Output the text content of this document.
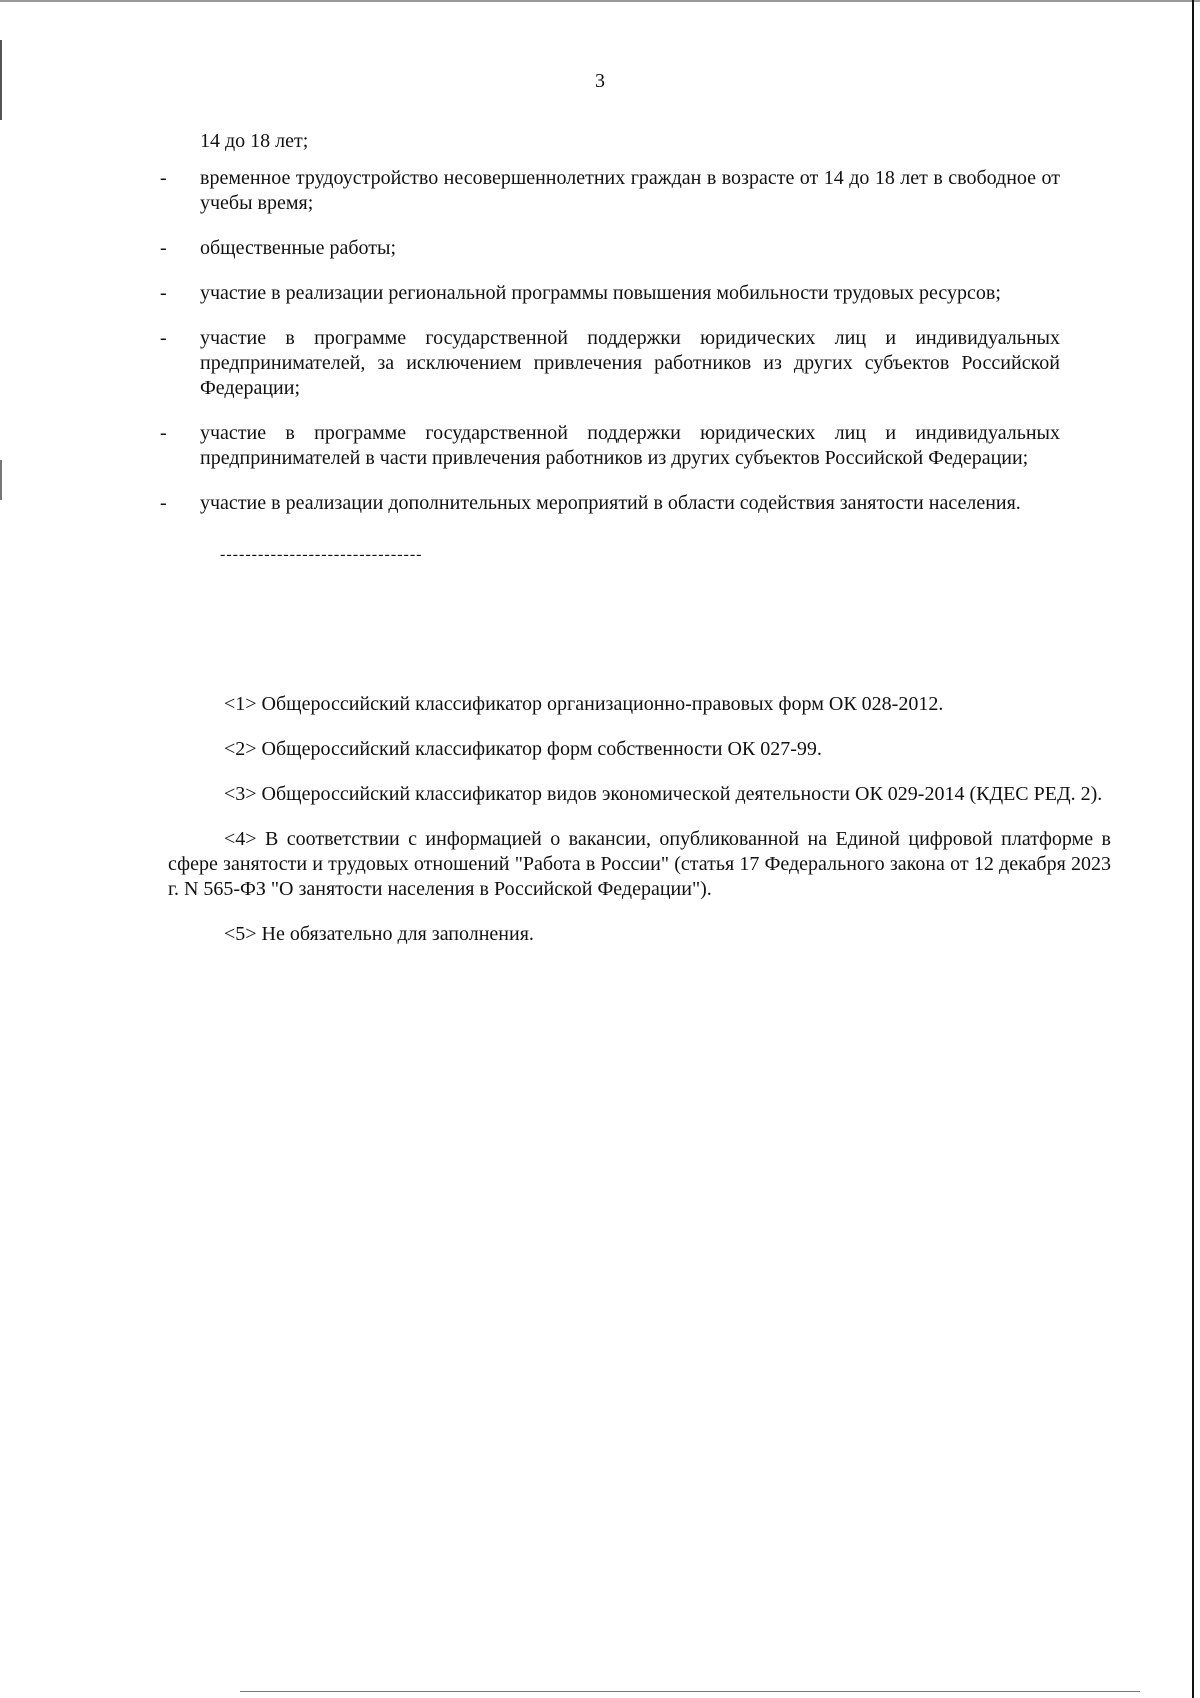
3
14 до 18 лет;
- временное трудоустройство несовершеннолетних граждан в возрасте от 14 до 18 лет в свободное от учебы время;
- общественные работы;
- участие в реализации региональной программы повышения мобильности трудовых ресурсов;
- участие в программе государственной поддержки юридических лиц и индивидуальных предпринимателей, за исключением привлечения работников из других субъектов Российской Федерации;
- участие в программе государственной поддержки юридических лиц и индивидуальных предпринимателей в части привлечения работников из других субъектов Российской Федерации;
- участие в реализации дополнительных мероприятий в области содействия занятости населения.
--------------------------------

<1> Общероссийский классификатор организационно-правовых форм ОК 028-2012.

<2> Общероссийский классификатор форм собственности ОК 027-99.

<3> Общероссийский классификатор видов экономической деятельности ОК 029-2014 (КДЕС РЕД. 2).

<4> В соответствии с информацией о вакансии, опубликованной на Единой цифровой платформе в сфере занятости и трудовых отношений "Работа в России" (статья 17 Федерального закона от 12 декабря 2023 г. N 565-ФЗ "О занятости населения в Российской Федерации").

<5> Не обязательно для заполнения.
